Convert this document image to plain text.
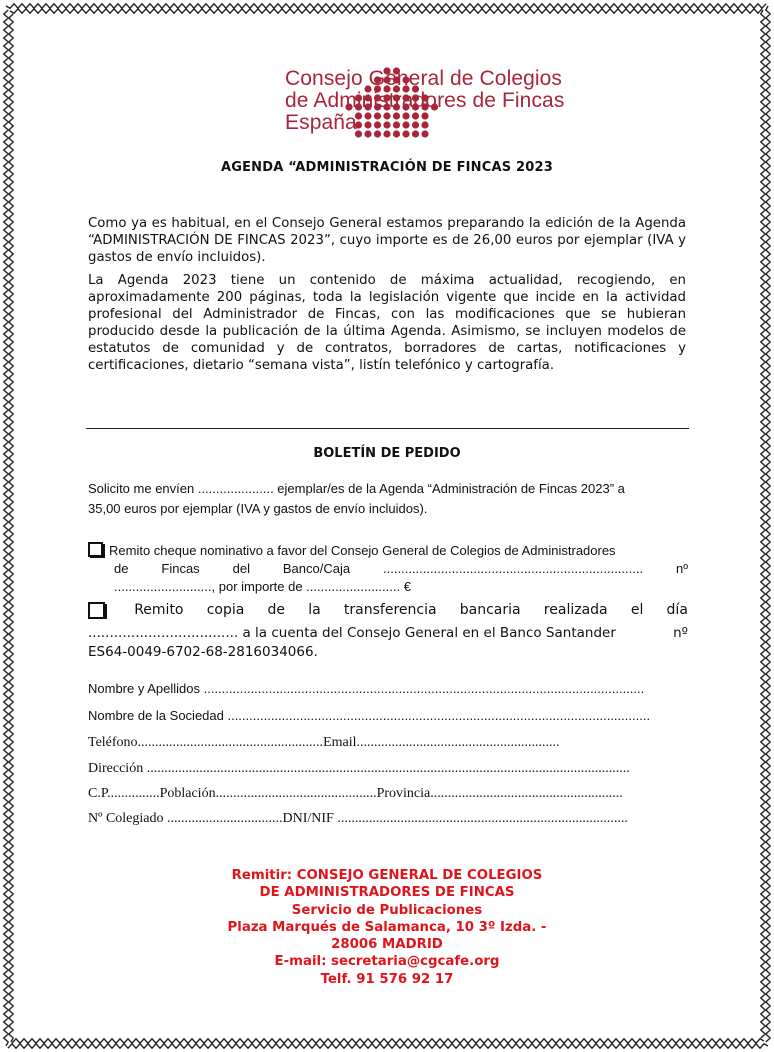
Consejo General de Colegios
de Administradores de Fincas
España
AGENDA “ADMINISTRACIÓN DE FINCAS 2023
Como ya es habitual, en el Consejo General estamos preparando la edición de la Agenda “ADMINISTRACIÓN DE FINCAS 2023”, cuyo importe es de 26,00 euros por ejemplar (IVA y gastos de envío incluidos).
La Agenda 2023 tiene un contenido de máxima actualidad, recogiendo, en aproximadamente 200 páginas, toda la legislación vigente que incide en la actividad profesional del Administrador de Fincas, con las modificaciones que se hubieran producido desde la publicación de la última Agenda. Asimismo, se incluyen modelos de estatutos de comunidad y de contratos, borradores de cartas, notificaciones y certificaciones, dietario “semana vista”, listín telefónico y cartografía.
BOLETÍN DE PEDIDO
Solicito me envíen ..................... ejemplar/es de la Agenda “Administración de Fincas 2023” a
35,00 euros por ejemplar (IVA y gastos de envío incluidos).
Remito cheque nominativo a favor del Consejo General de Colegios de Administradores
de	Fincas	del	Banco/Caja	........................................................................	nº
..........................., por importe de .......................... €
Remito copia de la transferencia bancaria realizada el día
................................... a la cuenta del Consejo General en el Banco Santander	nº
ES64-0049-6702-68-2816034066.
Nombre y Apellidos ..........................................................................................................................
Nombre de la Sociedad .....................................................................................................................
Teléfono.....................................................Email..........................................................
Dirección ..........................................................................................................................................
C.P...............Población..............................................Provincia.......................................................
Nº Colegiado .................................DNI/NIF ...................................................................................
Remitir: CONSEJO GENERAL DE COLEGIOS
DE ADMINISTRADORES DE FINCAS
Servicio de Publicaciones
Plaza Marqués de Salamanca, 10 3º Izda. -
28006 MADRID
E-mail: secretaria@cgcafe.org
Telf. 91 576 92 17
